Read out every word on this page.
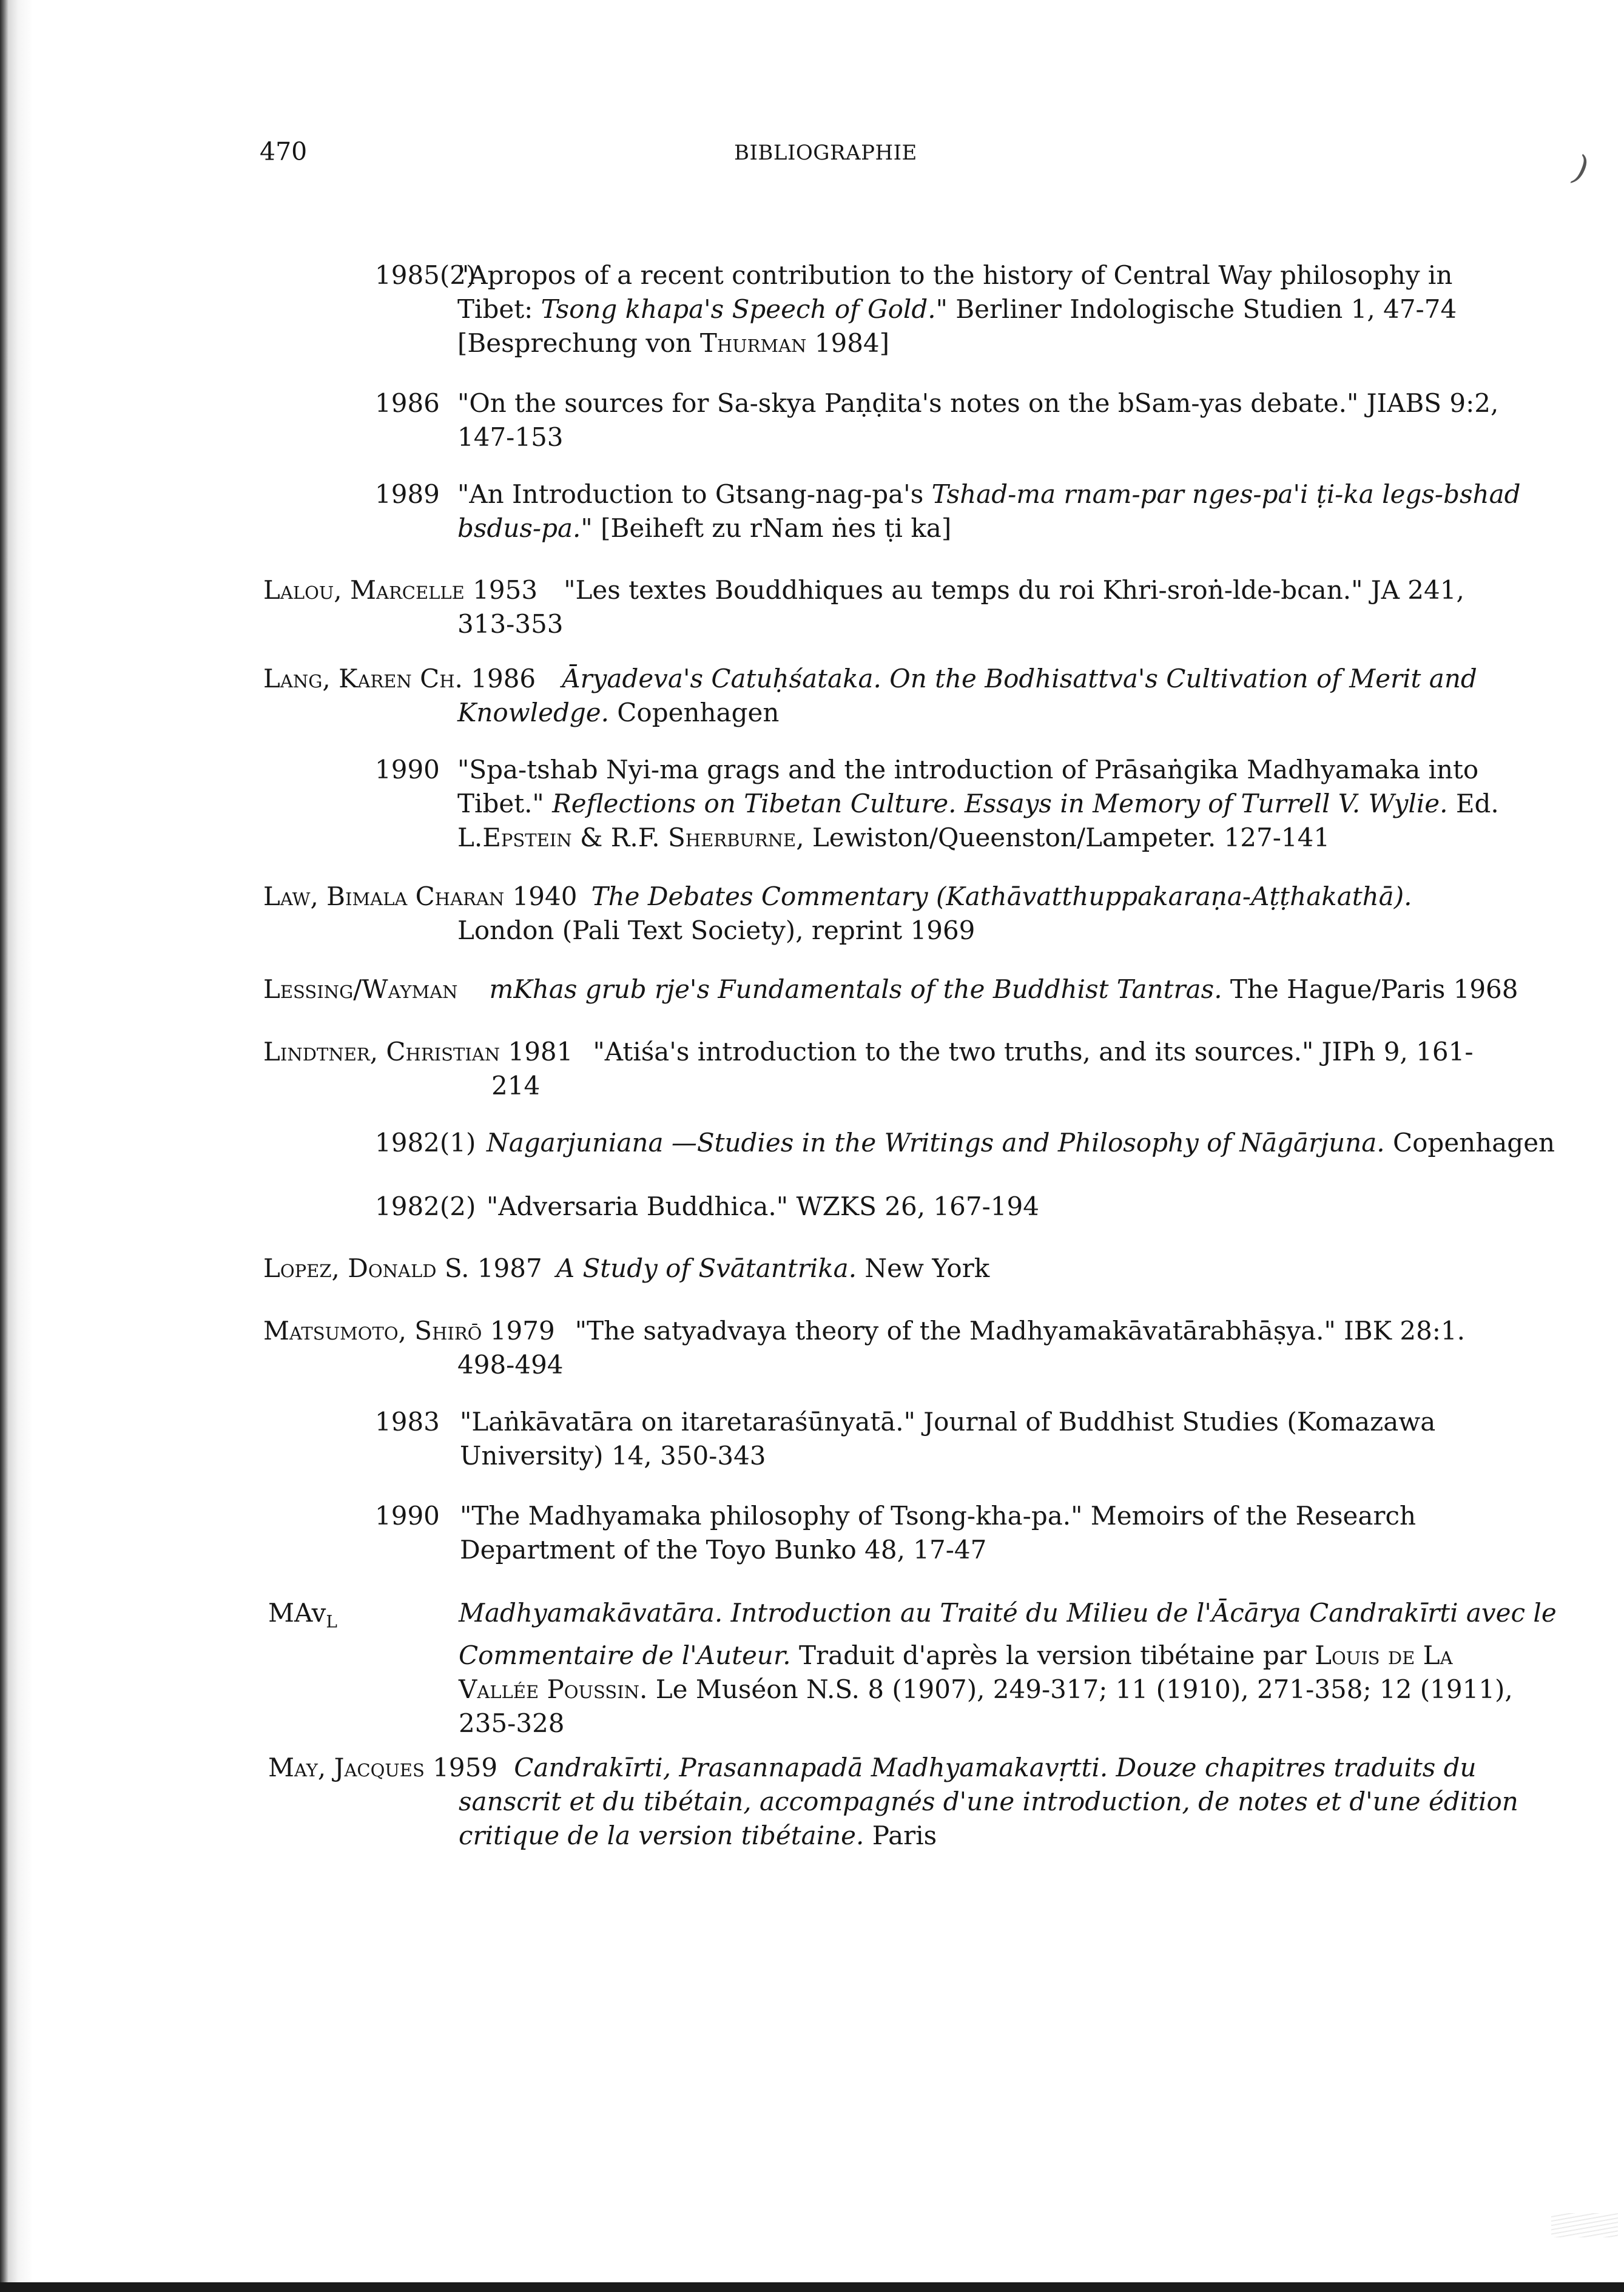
)
470	BIBLIOGRAPHIE
1985(2)"Apropos of a recent contribution to the history of Central Way philosophy in
Tibet: Tsong khapa's Speech of Gold." Berliner Indologische Studien 1, 47-74
[Besprechung von Thurman 1984]
1986 "On the sources for Sa-skya Paṇḍita's notes on the bSam-yas debate." JIABS 9:2,
147-153
1989 "An Introduction to Gtsang-nag-pa's Tshad-ma rnam-par nges-pa'i ṭi-ka legs-bshad
bsdus-pa." [Beiheft zu rNam ṅes ṭi ka]
Lalou, Marcelle 1953 "Les textes Bouddhiques au temps du roi Khri-sroṅ-lde-bcan." JA 241,
313-353
Lang, Karen Ch. 1986 Āryadeva's Catuḥśataka. On the Bodhisattva's Cultivation of Merit and
Knowledge. Copenhagen
1990 "Spa-tshab Nyi-ma grags and the introduction of Prāsaṅgika Madhyamaka into
Tibet." Reflections on Tibetan Culture. Essays in Memory of Turrell V. Wylie. Ed.
L.Epstein & R.F. Sherburne, Lewiston/Queenston/Lampeter. 127-141
Law, Bimala Charan 1940 The Debates Commentary (Kathāvatthuppakaraṇa-Aṭṭhakathā).
London (Pali Text Society), reprint 1969
Lessing/Wayman mKhas grub rje's Fundamentals of the Buddhist Tantras. The Hague/Paris 1968
Lindtner, Christian 1981 "Atiśa's introduction to the two truths, and its sources." JIPh 9, 161-
214
1982(1) Nagarjuniana —Studies in the Writings and Philosophy of Nāgārjuna. Copenhagen
1982(2) "Adversaria Buddhica." WZKS 26, 167-194
Lopez, Donald S. 1987 A Study of Svātantrika. New York
Matsumoto, Shirō 1979 "The satyadvaya theory of the Madhyamakāvatārabhāṣya." IBK 28:1.
498-494
1983 "Laṅkāvatāra on itaretaraśūnyatā." Journal of Buddhist Studies (Komazawa
University) 14, 350-343
1990 "The Madhyamaka philosophy of Tsong-kha-pa." Memoirs of the Research
Department of the Toyo Bunko 48, 17-47
MAv$_L$	Madhyamakāvatāra. Introduction au Traité du Milieu de l'Ācārya Candrakīrti avec le
Commentaire de l'Auteur. Traduit d'après la version tibétaine par Louis de La
Vallée Poussin. Le Muséon N.S. 8 (1907), 249-317; 11 (1910), 271-358; 12 (1911),
235-328
May, Jacques 1959 Candrakīrti, Prasannapadā Madhyamakavṛtti. Douze chapitres traduits du
sanscrit et du tibétain, accompagnés d'une introduction, de notes et d'une édition
critique de la version tibétaine. Paris
